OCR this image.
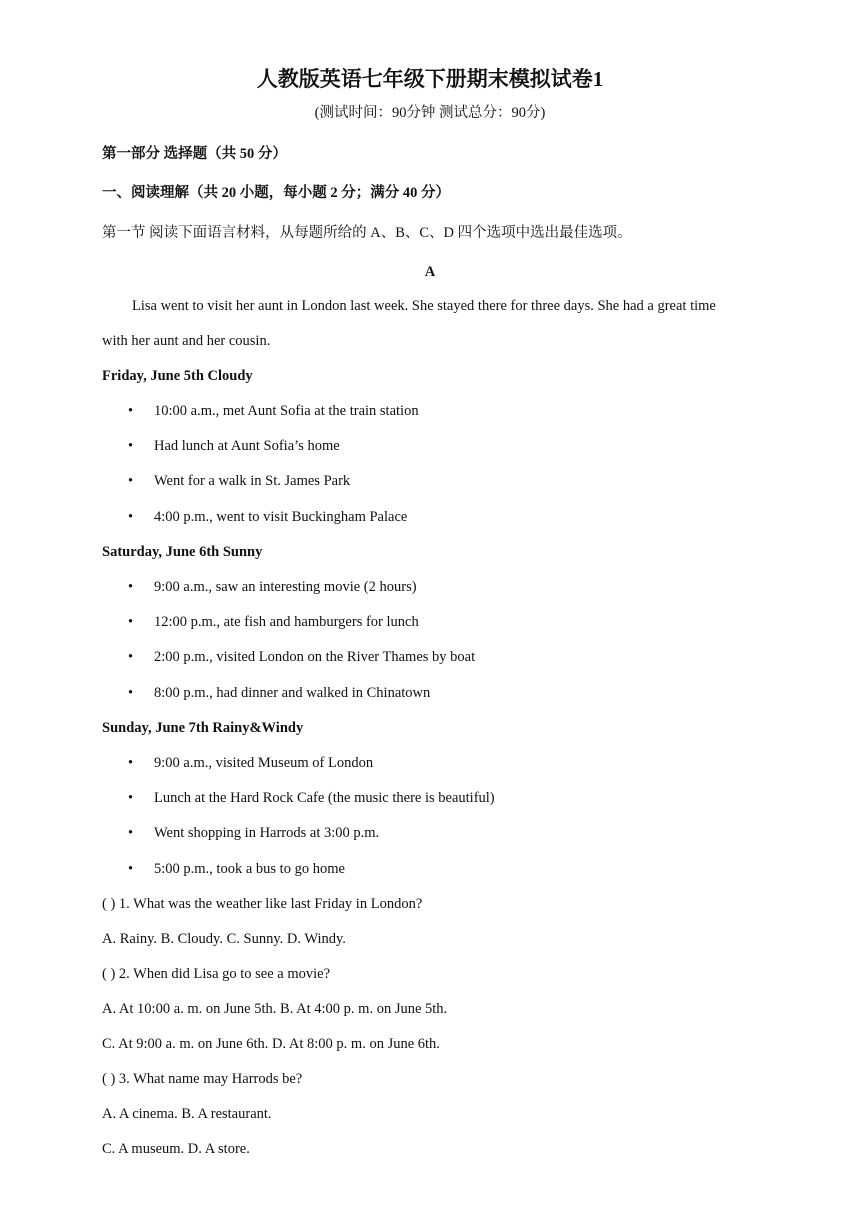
人教版英语七年级下册期末模拟试卷1
(测试时间：90分钟 测试总分：90分)
第一部分 选择题（共 50 分）
一、阅读理解（共 20 小题，每小题 2 分；满分 40 分）
第一节 阅读下面语言材料，从每题所给的 A、B、C、D 四个选项中选出最佳选项。
A
Lisa went to visit her aunt in London last week. She stayed there for three days. She had a great time
with her aunt and her cousin.
Friday, June 5th Cloudy
10:00 a.m., met Aunt Sofia at the train station
Had lunch at Aunt Sofia’s home
Went for a walk in St. James Park
4:00 p.m., went to visit Buckingham Palace
Saturday, June 6th Sunny
9:00 a.m., saw an interesting movie (2 hours)
12:00 p.m., ate fish and hamburgers for lunch
2:00 p.m., visited London on the River Thames by boat
8:00 p.m., had dinner and walked in Chinatown
Sunday, June 7th Rainy&Windy
9:00 a.m., visited Museum of London
Lunch at the Hard Rock Cafe (the music there is beautiful)
Went shopping in Harrods at 3:00 p.m.
5:00 p.m., took a bus to go home
( ) 1. What was the weather like last Friday in London?
A. Rainy. B. Cloudy. C. Sunny. D. Windy.
( ) 2. When did Lisa go to see a movie?
A. At 10:00 a. m. on June 5th. B. At 4:00 p. m. on June 5th.
C. At 9:00 a. m. on June 6th. D. At 8:00 p. m. on June 6th.
( ) 3. What name may Harrods be?
A. A cinema. B. A restaurant.
C. A museum. D. A store.
